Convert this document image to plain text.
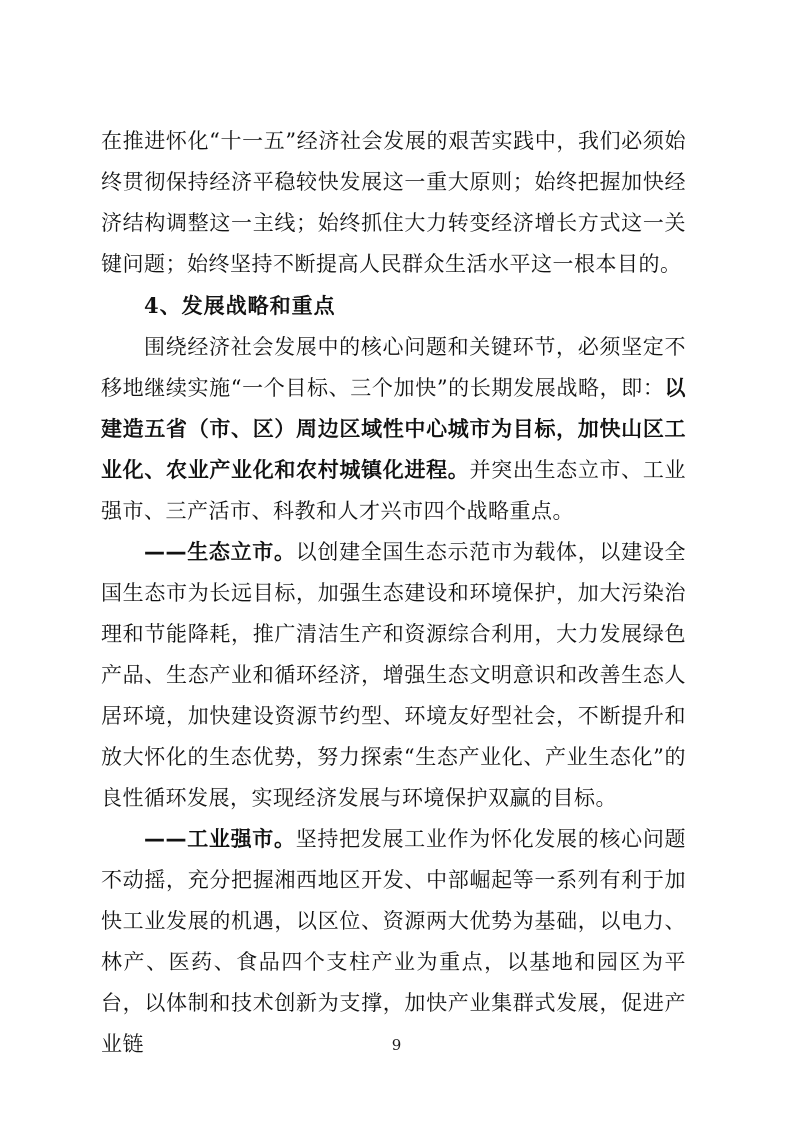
在推进怀化“十一五”经济社会发展的艰苦实践中，我们必须始终贯彻保持经济平稳较快发展这一重大原则；始终把握加快经济结构调整这一主线；始终抓住大力转变经济增长方式这一关键问题；始终坚持不断提高人民群众生活水平这一根本目的。

4、发展战略和重点

围绕经济社会发展中的核心问题和关键环节，必须坚定不移地继续实施“一个目标、三个加快”的长期发展战略，即：以建造五省（市、区）周边区域性中心城市为目标，加快山区工业化、农业产业化和农村城镇化进程。并突出生态立市、工业强市、三产活市、科教和人才兴市四个战略重点。

——生态立市。以创建全国生态示范市为载体，以建设全国生态市为长远目标，加强生态建设和环境保护，加大污染治理和节能降耗，推广清洁生产和资源综合利用，大力发展绿色产品、生态产业和循环经济，增强生态文明意识和改善生态人居环境，加快建设资源节约型、环境友好型社会，不断提升和放大怀化的生态优势，努力探索“生态产业化、产业生态化”的良性循环发展，实现经济发展与环境保护双赢的目标。

——工业强市。坚持把发展工业作为怀化发展的核心问题不动摇，充分把握湘西地区开发、中部崛起等一系列有利于加快工业发展的机遇，以区位、资源两大优势为基础，以电力、林产、医药、食品四个支柱产业为重点，以基地和园区为平台，以体制和技术创新为支撑，加快产业集群式发展，促进产业链	9
